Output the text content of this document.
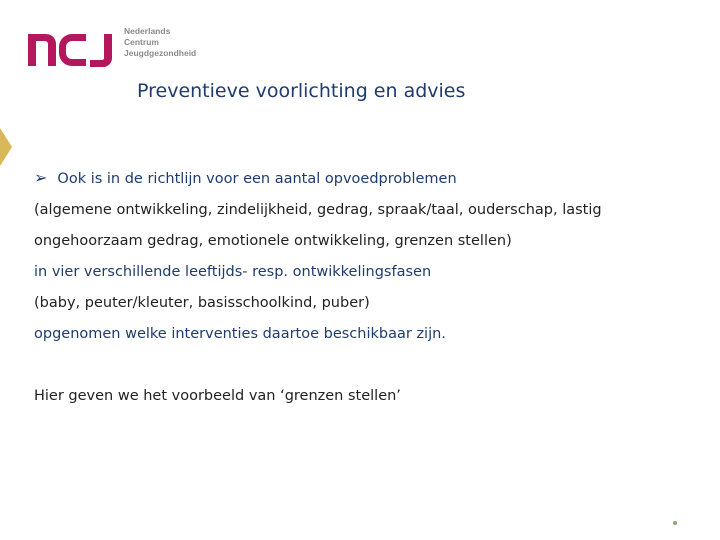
Nederlands
Centrum
Jeugdgezondheid
Preventieve voorlichting en advies
➢ Ook is in de richtlijn voor een aantal opvoedproblemen
(algemene ontwikkeling, zindelijkheid, gedrag, spraak/taal, ouderschap, lastig
ongehoorzaam gedrag, emotionele ontwikkeling, grenzen stellen)
in vier verschillende leeftijds- resp. ontwikkelingsfasen
(baby, peuter/kleuter, basisschoolkind, puber)
opgenomen welke interventies daartoe beschikbaar zijn.
Hier geven we het voorbeeld van ‘grenzen stellen’
